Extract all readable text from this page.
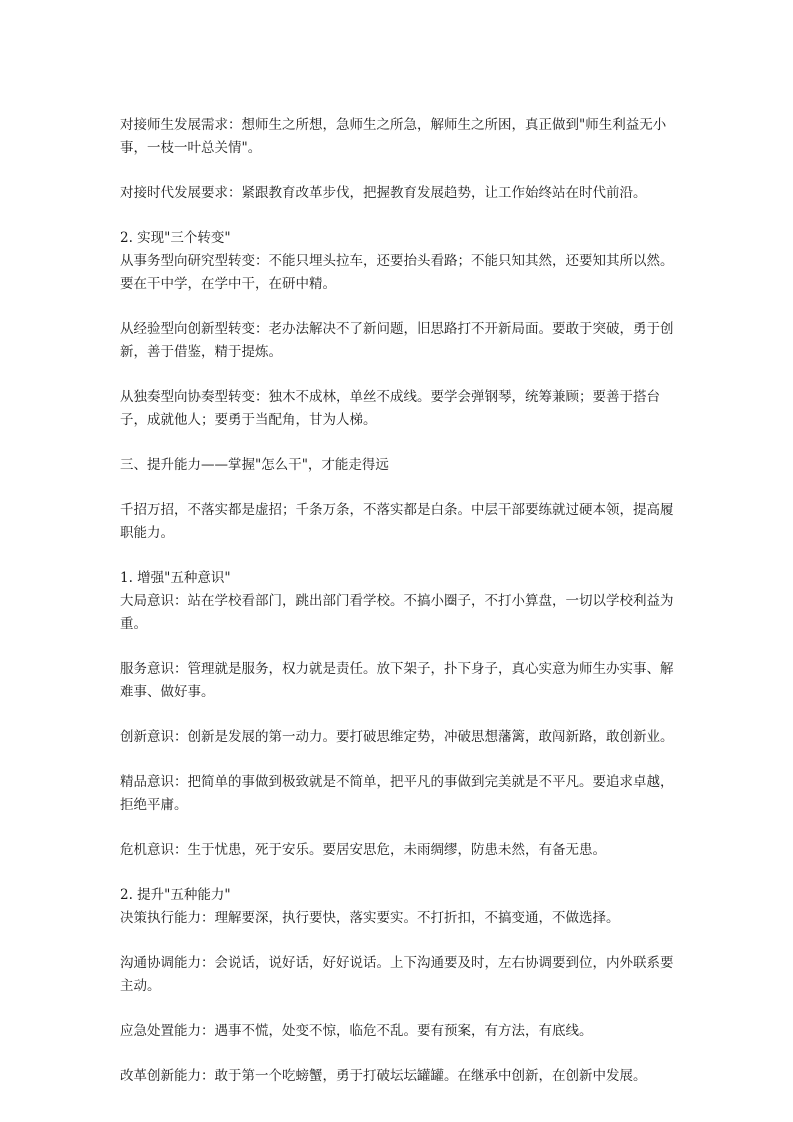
对接师生发展需求：想师生之所想，急师生之所急，解师生之所困，真正做到"师生利益无小事，一枝一叶总关情"。

对接时代发展要求：紧跟教育改革步伐，把握教育发展趋势，让工作始终站在时代前沿。

2. 实现"三个转变"

从事务型向研究型转变：不能只埋头拉车，还要抬头看路；不能只知其然，还要知其所以然。要在干中学，在学中干，在研中精。

从经验型向创新型转变：老办法解决不了新问题，旧思路打不开新局面。要敢于突破，勇于创新，善于借鉴，精于提炼。

从独奏型向协奏型转变：独木不成林，单丝不成线。要学会弹钢琴，统筹兼顾；要善于搭台子，成就他人；要勇于当配角，甘为人梯。

三、提升能力——掌握"怎么干"，才能走得远

千招万招，不落实都是虚招；千条万条，不落实都是白条。中层干部要练就过硬本领，提高履职能力。

1. 增强"五种意识"

大局意识：站在学校看部门，跳出部门看学校。不搞小圈子，不打小算盘，一切以学校利益为重。

服务意识：管理就是服务，权力就是责任。放下架子，扑下身子，真心实意为师生办实事、解难事、做好事。

创新意识：创新是发展的第一动力。要打破思维定势，冲破思想藩篱，敢闯新路，敢创新业。

精品意识：把简单的事做到极致就是不简单，把平凡的事做到完美就是不平凡。要追求卓越，拒绝平庸。

危机意识：生于忧患，死于安乐。要居安思危，未雨绸缪，防患未然，有备无患。

2. 提升"五种能力"

决策执行能力：理解要深，执行要快，落实要实。不打折扣，不搞变通，不做选择。

沟通协调能力：会说话，说好话，好好说话。上下沟通要及时，左右协调要到位，内外联系要主动。

应急处置能力：遇事不慌，处变不惊，临危不乱。要有预案，有方法，有底线。

改革创新能力：敢于第一个吃螃蟹，勇于打破坛坛罐罐。在继承中创新，在创新中发展。
